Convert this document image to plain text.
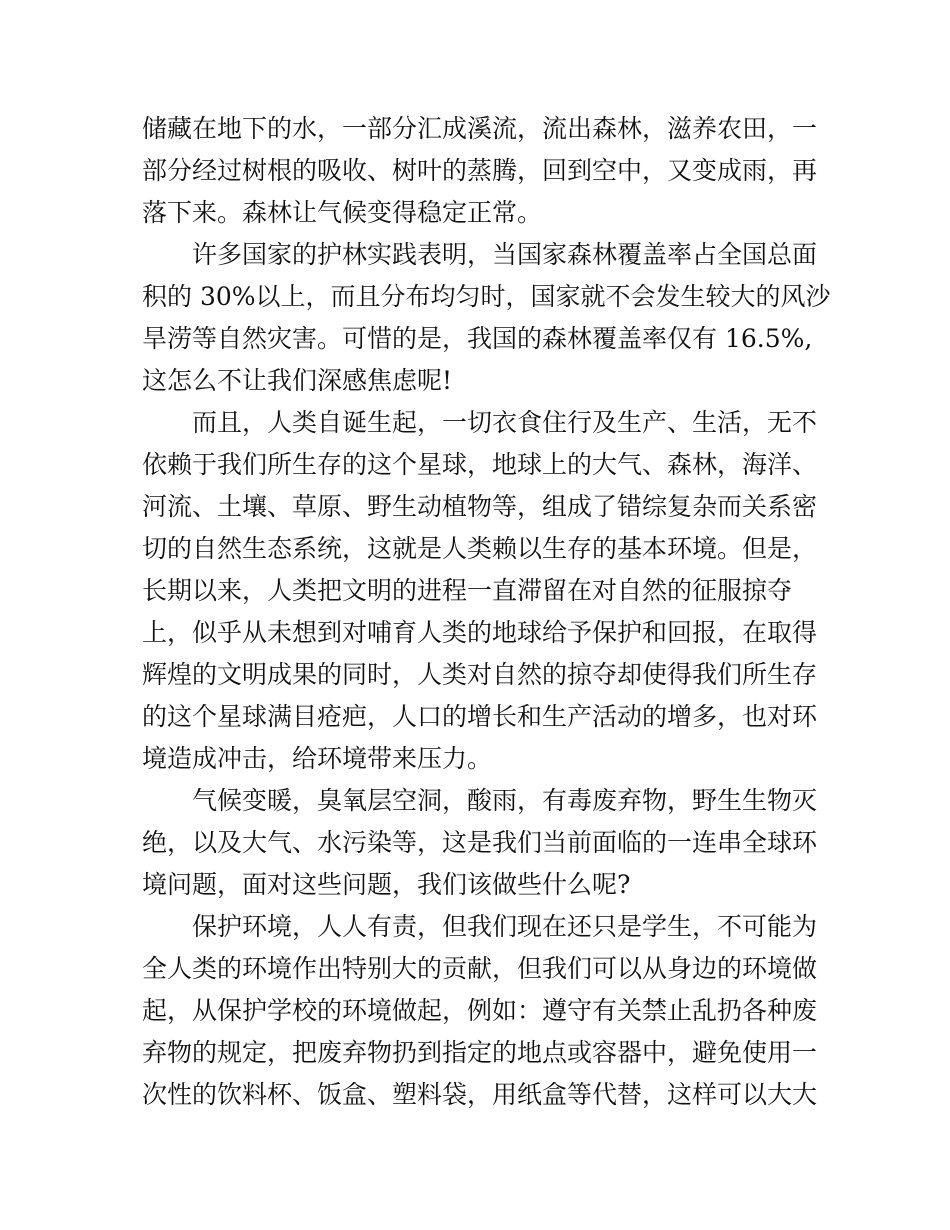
储藏在地下的水，一部分汇成溪流，流出森林，滋养农田，一
部分经过树根的吸收、树叶的蒸腾，回到空中，又变成雨，再
落下来。森林让气候变得稳定正常。
许多国家的护林实践表明，当国家森林覆盖率占全国总面
积的 30%以上，而且分布均匀时，国家就不会发生较大的风沙
旱涝等自然灾害。可惜的是，我国的森林覆盖率仅有 16.5%,
这怎么不让我们深感焦虑呢!
而且，人类自诞生起，一切衣食住行及生产、生活，无不
依赖于我们所生存的这个星球，地球上的大气、森林，海洋、
河流、土壤、草原、野生动植物等，组成了错综复杂而关系密
切的自然生态系统，这就是人类赖以生存的基本环境。但是，
长期以来，人类把文明的进程一直滞留在对自然的征服掠夺
上，似乎从未想到对哺育人类的地球给予保护和回报，在取得
辉煌的文明成果的同时，人类对自然的掠夺却使得我们所生存
的这个星球满目疮疤，人口的增长和生产活动的增多，也对环
境造成冲击，给环境带来压力。
气候变暖，臭氧层空洞，酸雨，有毒废弃物，野生生物灭
绝，以及大气、水污染等，这是我们当前面临的一连串全球环
境问题，面对这些问题，我们该做些什么呢?
保护环境，人人有责，但我们现在还只是学生，不可能为
全人类的环境作出特别大的贡献，但我们可以从身边的环境做
起，从保护学校的环境做起，例如：遵守有关禁止乱扔各种废
弃物的规定，把废弃物扔到指定的地点或容器中，避免使用一
次性的饮料杯、饭盒、塑料袋，用纸盒等代替，这样可以大大
